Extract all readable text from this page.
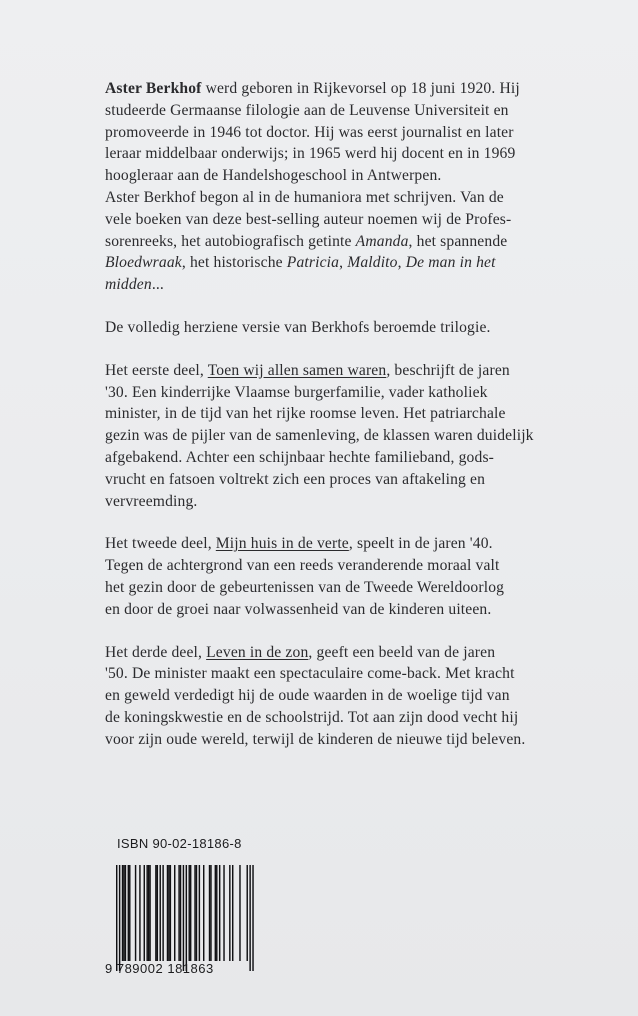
Aster Berkhof werd geboren in Rijkevorsel op 18 juni 1920. Hij
studeerde Germaanse filologie aan de Leuvense Universiteit en
promoveerde in 1946 tot doctor. Hij was eerst journalist en later
leraar middelbaar onderwijs; in 1965 werd hij docent en in 1969
hoogleraar aan de Handelshogeschool in Antwerpen.
Aster Berkhof begon al in de humaniora met schrijven. Van de
vele boeken van deze best-selling auteur noemen wij de Profes-
sorenreeks, het autobiografisch getinte Amanda, het spannende
Bloedwraak, het historische Patricia, Maldito, De man in het
midden...

De volledig herziene versie van Berkhofs beroemde trilogie.

Het eerste deel, Toen wij allen samen waren, beschrijft de jaren
'30. Een kinderrijke Vlaamse burgerfamilie, vader katholiek
minister, in de tijd van het rijke roomse leven. Het patriarchale
gezin was de pijler van de samenleving, de klassen waren duidelijk
afgebakend. Achter een schijnbaar hechte familieband, gods-
vrucht en fatsoen voltrekt zich een proces van aftakeling en
vervreemding.

Het tweede deel, Mijn huis in de verte, speelt in de jaren '40.
Tegen de achtergrond van een reeds veranderende moraal valt
het gezin door de gebeurtenissen van de Tweede Wereldoorlog
en door de groei naar volwassenheid van de kinderen uiteen.

Het derde deel, Leven in de zon, geeft een beeld van de jaren
'50. De minister maakt een spectaculaire come-back. Met kracht
en geweld verdedigt hij de oude waarden in de woelige tijd van
de koningskwestie en de schoolstrijd. Tot aan zijn dood vecht hij
voor zijn oude wereld, terwijl de kinderen de nieuwe tijd beleven.

ISBN 90-02-18186-8
9 789002 181863
